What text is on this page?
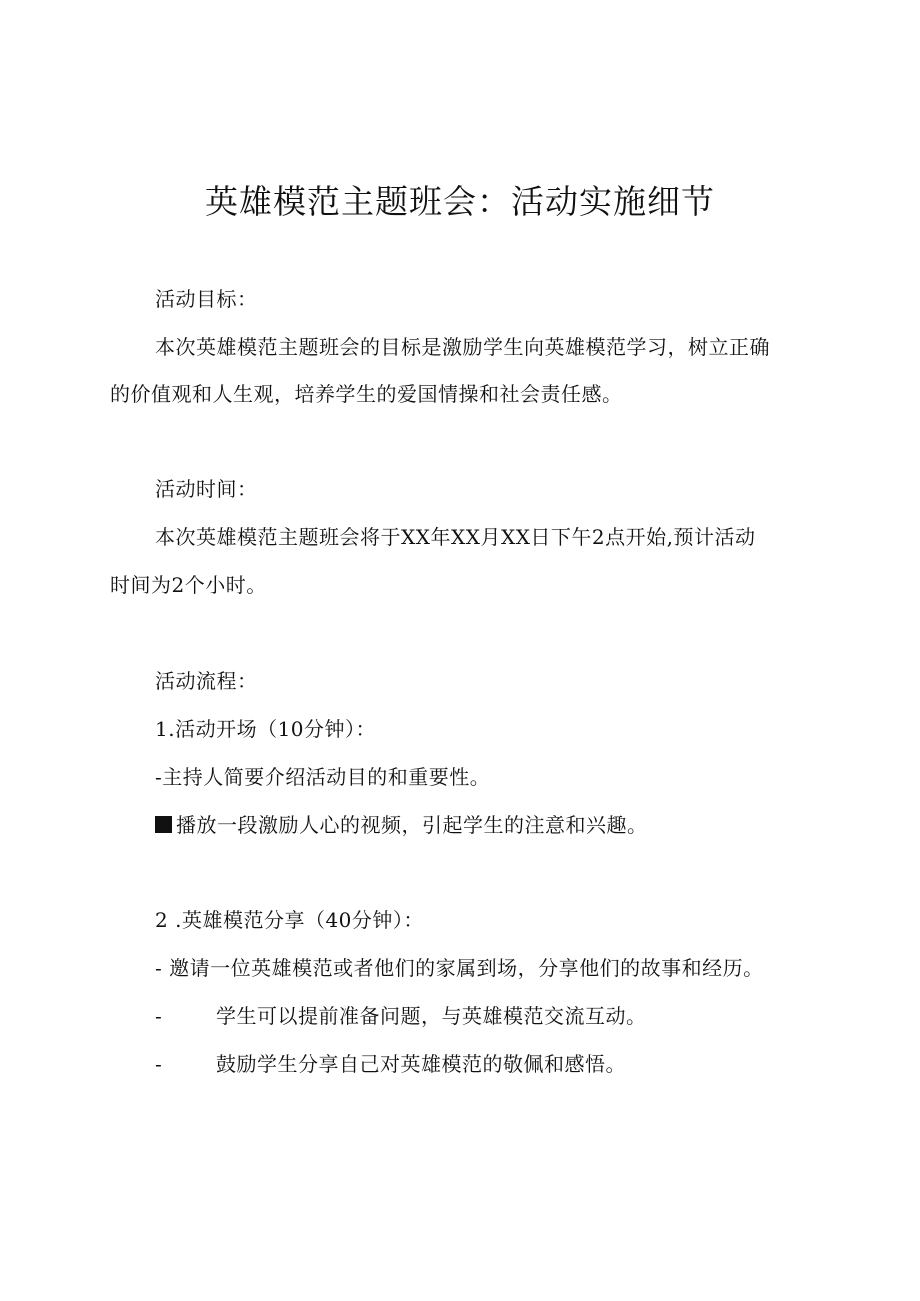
英雄模范主题班会：活动实施细节
活动目标：
本次英雄模范主题班会的目标是激励学生向英雄模范学习，树立正确
的价值观和人生观，培养学生的爱国情操和社会责任感。
活动时间：
本次英雄模范主题班会将于XX年XX月XX日下午2点开始,预计活动
时间为2个小时。
活动流程：
1.活动开场（10分钟）：
-主持人简要介绍活动目的和重要性。
播放一段激励人心的视频，引起学生的注意和兴趣。
2 .英雄模范分享（40分钟）：
- 邀请一位英雄模范或者他们的家属到场，分享他们的故事和经历。
-	学生可以提前准备问题，与英雄模范交流互动。
-	鼓励学生分享自己对英雄模范的敬佩和感悟。
